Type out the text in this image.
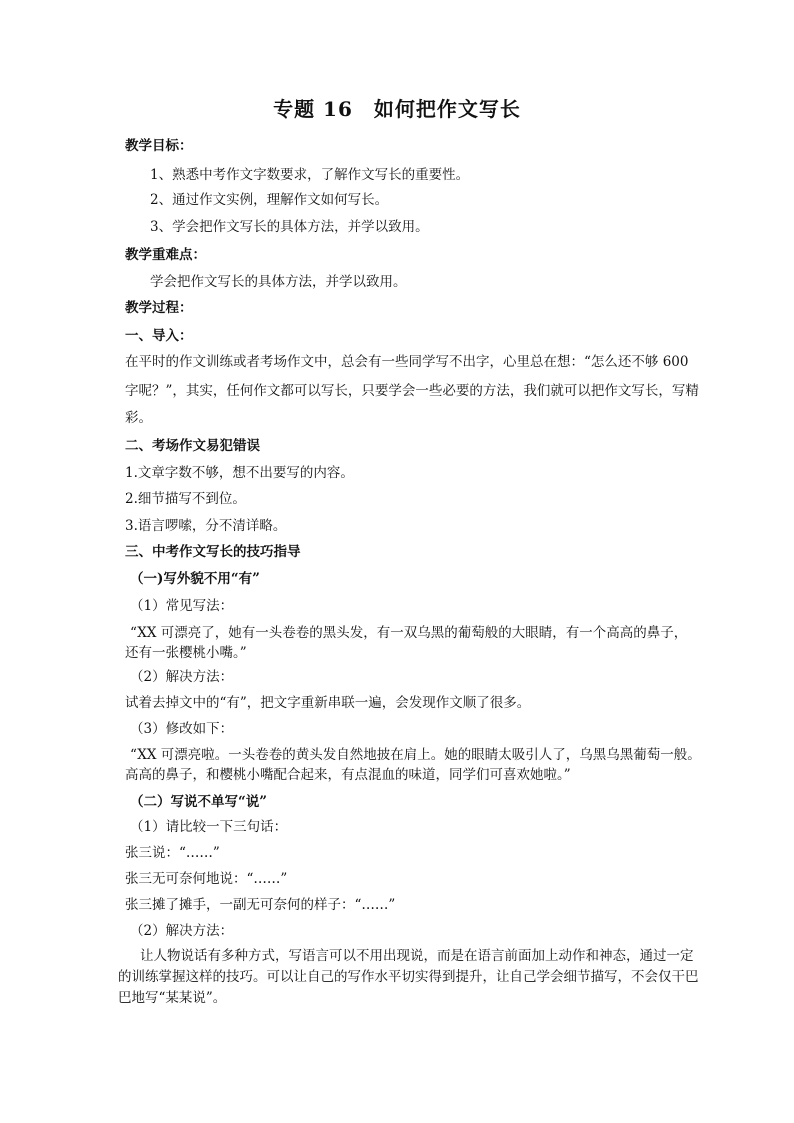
专题 16　如何把作文写长
教学目标：
1、熟悉中考作文字数要求，了解作文写长的重要性。
2、通过作文实例，理解作文如何写长。
3、学会把作文写长的具体方法，并学以致用。
教学重难点：
学会把作文写长的具体方法，并学以致用。
教学过程：
一、导入：
在平时的作文训练或者考场作文中，总会有一些同学写不出字，心里总在想：“怎么还不够 600
字呢？”，其实，任何作文都可以写长，只要学会一些必要的方法，我们就可以把作文写长，写精
彩。
二、考场作文易犯错误
1.文章字数不够，想不出要写的内容。
2.细节描写不到位。
3.语言啰嗦，分不清详略。
三、中考作文写长的技巧指导
（一)写外貌不用“有”
（1）常见写法：
“XX 可漂亮了，她有一头卷卷的黑头发，有一双乌黑的葡萄般的大眼睛，有一个高高的鼻子，
还有一张樱桃小嘴。”
（2）解决方法：
试着去掉文中的“有”，把文字重新串联一遍，会发现作文顺了很多。
（3）修改如下：
“XX 可漂亮啦。一头卷卷的黄头发自然地披在肩上。她的眼睛太吸引人了，乌黑乌黑葡萄一般。
高高的鼻子，和樱桃小嘴配合起来，有点混血的味道，同学们可喜欢她啦。”
（二）写说不单写“说”
（1）请比较一下三句话：
张三说：“……”
张三无可奈何地说：“……”
张三摊了摊手，一副无可奈何的样子：“……”
（2）解决方法：
让人物说话有多种方式，写语言可以不用出现说，而是在语言前面加上动作和神态，通过一定
的训练掌握这样的技巧。可以让自己的写作水平切实得到提升，让自己学会细节描写，不会仅干巴
巴地写“某某说”。
